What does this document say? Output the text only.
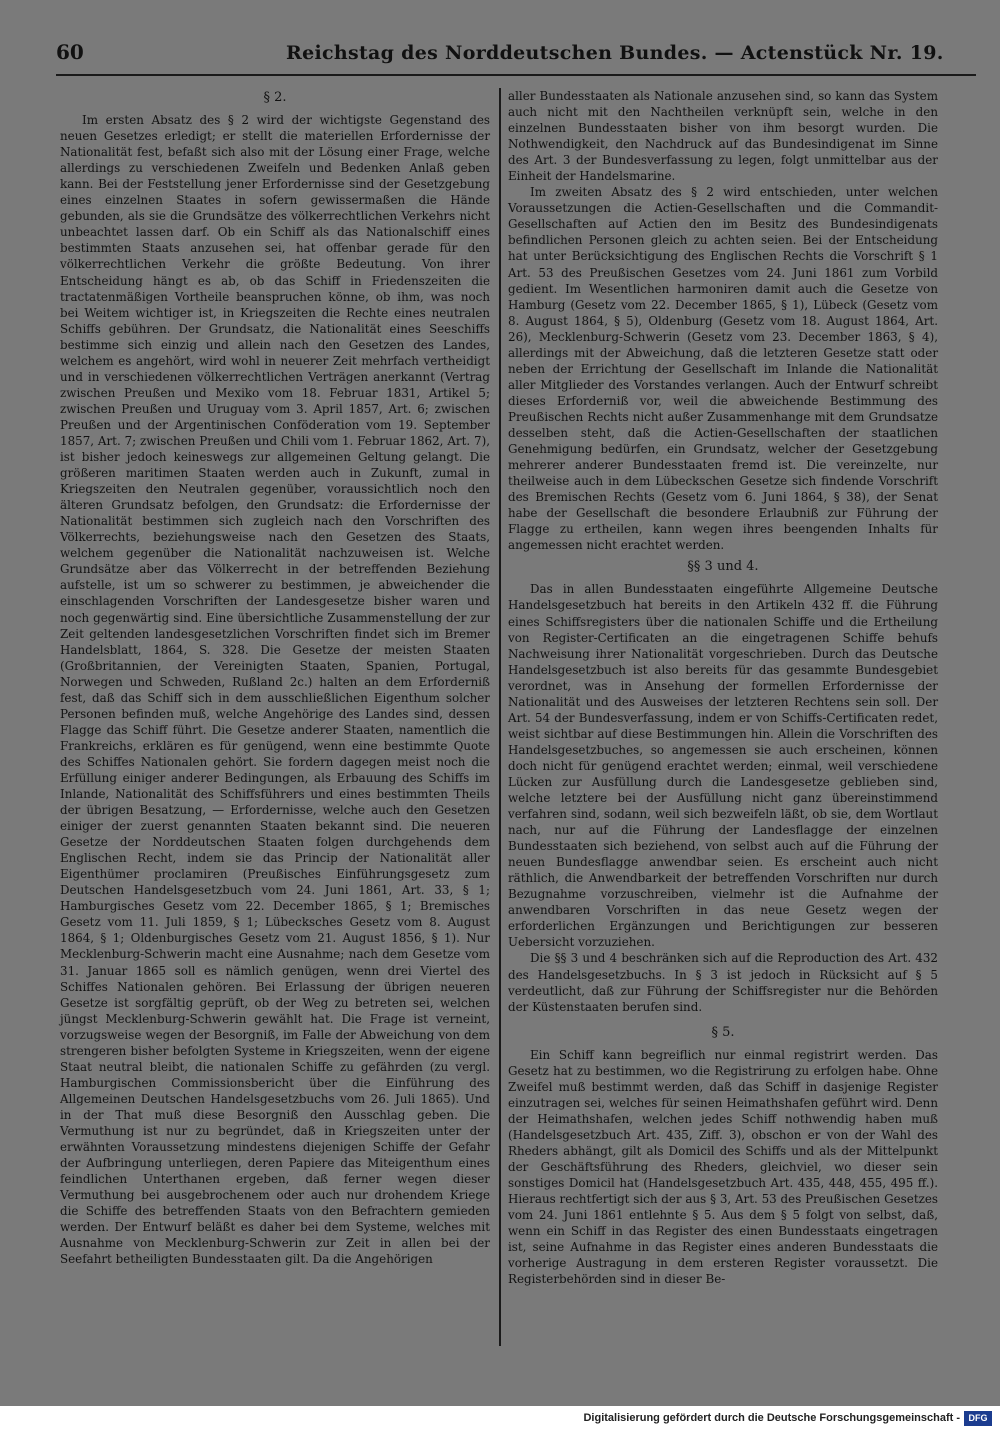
60	Reichstag des Norddeutschen Bundes. — Actenstück Nr. 19.
§ 2.

Im ersten Absatz des § 2 wird der wichtigste Gegenstand des neuen Gesetzes erledigt; er stellt die materiellen Erfordernisse der Nationalität fest, befaßt sich also mit der Lösung einer Frage, welche allerdings zu verschiedenen Zweifeln und Bedenken Anlaß geben kann. Bei der Feststellung jener Erfordernisse sind der Gesetzgebung eines einzelnen Staates in sofern gewissermaßen die Hände gebunden, als sie die Grundsätze des völkerrechtlichen Verkehrs nicht unbeachtet lassen darf. Ob ein Schiff als das Nationalschiff eines bestimmten Staats anzusehen sei, hat offenbar gerade für den völkerrechtlichen Verkehr die größte Bedeutung. Von ihrer Entscheidung hängt es ab, ob das Schiff in Friedenszeiten die tractatenmäßigen Vortheile beanspruchen könne, ob ihm, was noch bei Weitem wichtiger ist, in Kriegszeiten die Rechte eines neutralen Schiffs gebühren. Der Grundsatz, die Nationalität eines Seeschiffs bestimme sich einzig und allein nach den Gesetzen des Landes, welchem es angehört, wird wohl in neuerer Zeit mehrfach vertheidigt und in verschiedenen völkerrechtlichen Verträgen anerkannt (Vertrag zwischen Preußen und Mexiko vom 18. Februar 1831, Artikel 5; zwischen Preußen und Uruguay vom 3. April 1857, Art. 6; zwischen Preußen und der Argentinischen Conföderation vom 19. September 1857, Art. 7; zwischen Preußen und Chili vom 1. Februar 1862, Art. 7), ist bisher jedoch keineswegs zur allgemeinen Geltung gelangt. Die größeren maritimen Staaten werden auch in Zukunft, zumal in Kriegszeiten den Neutralen gegenüber, voraussichtlich noch den älteren Grundsatz befolgen, den Grundsatz: die Erfordernisse der Nationalität bestimmen sich zugleich nach den Vorschriften des Völkerrechts, beziehungsweise nach den Gesetzen des Staats, welchem gegenüber die Nationalität nachzuweisen ist. Welche Grundsätze aber das Völkerrecht in der betreffenden Beziehung aufstelle, ist um so schwerer zu bestimmen, je abweichender die einschlagenden Vorschriften der Landesgesetze bisher waren und noch gegenwärtig sind. Eine übersichtliche Zusammenstellung der zur Zeit geltenden landesgesetzlichen Vorschriften findet sich im Bremer Handelsblatt, 1864, S. 328. Die Gesetze der meisten Staaten (Großbritannien, der Vereinigten Staaten, Spanien, Portugal, Norwegen und Schweden, Rußland 2c.) halten an dem Erforderniß fest, daß das Schiff sich in dem ausschließlichen Eigenthum solcher Personen befinden muß, welche Angehörige des Landes sind, dessen Flagge das Schiff führt. Die Gesetze anderer Staaten, namentlich die Frankreichs, erklären es für genügend, wenn eine bestimmte Quote des Schiffes Nationalen gehört. Sie fordern dagegen meist noch die Erfüllung einiger anderer Bedingungen, als Erbauung des Schiffs im Inlande, Nationalität des Schiffsführers und eines bestimmten Theils der übrigen Besatzung, — Erfordernisse, welche auch den Gesetzen einiger der zuerst genannten Staaten bekannt sind. Die neueren Gesetze der Norddeutschen Staaten folgen durchgehends dem Englischen Recht, indem sie das Princip der Nationalität aller Eigenthümer proclamiren (Preußisches Einführungsgesetz zum Deutschen Handelsgesetzbuch vom 24. Juni 1861, Art. 33, § 1; Hamburgisches Gesetz vom 22. December 1865, § 1; Bremisches Gesetz vom 11. Juli 1859, § 1; Lübecksches Gesetz vom 8. August 1864, § 1; Oldenburgisches Gesetz vom 21. August 1856, § 1). Nur Mecklenburg-Schwerin macht eine Ausnahme; nach dem Gesetze vom 31. Januar 1865 soll es nämlich genügen, wenn drei Viertel des Schiffes Nationalen gehören. Bei Erlassung der übrigen neueren Gesetze ist sorgfältig geprüft, ob der Weg zu betreten sei, welchen jüngst Mecklenburg-Schwerin gewählt hat. Die Frage ist verneint, vorzugsweise wegen der Besorgniß, im Falle der Abweichung von dem strengeren bisher befolgten Systeme in Kriegszeiten, wenn der eigene Staat neutral bleibt, die nationalen Schiffe zu gefährden (zu vergl. Hamburgischen Commissionsbericht über die Einführung des Allgemeinen Deutschen Handelsgesetzbuchs vom 26. Juli 1865). Und in der That muß diese Besorgniß den Ausschlag geben. Die Vermuthung ist nur zu begründet, daß in Kriegszeiten unter der erwähnten Voraussetzung mindestens diejenigen Schiffe der Gefahr der Aufbringung unterliegen, deren Papiere das Miteigenthum eines feindlichen Unterthanen ergeben, daß ferner wegen dieser Vermuthung bei ausgebrochenem oder auch nur drohendem Kriege die Schiffe des betreffenden Staats von den Befrachtern gemieden werden. Der Entwurf beläßt es daher bei dem Systeme, welches mit Ausnahme von Mecklenburg-Schwerin zur Zeit in allen bei der Seefahrt betheiligten Bundesstaaten gilt. Da die Angehörigen

aller Bundesstaaten als Nationale anzusehen sind, so kann das System auch nicht mit den Nachtheilen verknüpft sein, welche in den einzelnen Bundesstaaten bisher von ihm besorgt wurden. Die Nothwendigkeit, den Nachdruck auf das Bundesindigenat im Sinne des Art. 3 der Bundesverfassung zu legen, folgt unmittelbar aus der Einheit der Handelsmarine.

Im zweiten Absatz des § 2 wird entschieden, unter welchen Voraussetzungen die Actien-Gesellschaften und die Commandit-Gesellschaften auf Actien den im Besitz des Bundesindigenats befindlichen Personen gleich zu achten seien. Bei der Entscheidung hat unter Berücksichtigung des Englischen Rechts die Vorschrift § 1 Art. 53 des Preußischen Gesetzes vom 24. Juni 1861 zum Vorbild gedient. Im Wesentlichen harmoniren damit auch die Gesetze von Hamburg (Gesetz vom 22. December 1865, § 1), Lübeck (Gesetz vom 8. August 1864, § 5), Oldenburg (Gesetz vom 18. August 1864, Art. 26), Mecklenburg-Schwerin (Gesetz vom 23. December 1863, § 4), allerdings mit der Abweichung, daß die letzteren Gesetze statt oder neben der Errichtung der Gesellschaft im Inlande die Nationalität aller Mitglieder des Vorstandes verlangen. Auch der Entwurf schreibt dieses Erforderniß vor, weil die abweichende Bestimmung des Preußischen Rechts nicht außer Zusammenhange mit dem Grundsatze desselben steht, daß die Actien-Gesellschaften der staatlichen Genehmigung bedürfen, ein Grundsatz, welcher der Gesetzgebung mehrerer anderer Bundesstaaten fremd ist. Die vereinzelte, nur theilweise auch in dem Lübeckschen Gesetze sich findende Vorschrift des Bremischen Rechts (Gesetz vom 6. Juni 1864, § 38), der Senat habe der Gesellschaft die besondere Erlaubniß zur Führung der Flagge zu ertheilen, kann wegen ihres beengenden Inhalts für angemessen nicht erachtet werden.

§§ 3 und 4.

Das in allen Bundesstaaten eingeführte Allgemeine Deutsche Handelsgesetzbuch hat bereits in den Artikeln 432 ff. die Führung eines Schiffsregisters über die nationalen Schiffe und die Ertheilung von Register-Certificaten an die eingetragenen Schiffe behufs Nachweisung ihrer Nationalität vorgeschrieben. Durch das Deutsche Handelsgesetzbuch ist also bereits für das gesammte Bundesgebiet verordnet, was in Ansehung der formellen Erfordernisse der Nationalität und des Ausweises der letzteren Rechtens sein soll. Der Art. 54 der Bundesverfassung, indem er von Schiffs-Certificaten redet, weist sichtbar auf diese Bestimmungen hin. Allein die Vorschriften des Handelsgesetzbuches, so angemessen sie auch erscheinen, können doch nicht für genügend erachtet werden; einmal, weil verschiedene Lücken zur Ausfüllung durch die Landesgesetze geblieben sind, welche letztere bei der Ausfüllung nicht ganz übereinstimmend verfahren sind, sodann, weil sich bezweifeln läßt, ob sie, dem Wortlaut nach, nur auf die Führung der Landesflagge der einzelnen Bundesstaaten sich beziehend, von selbst auch auf die Führung der neuen Bundesflagge anwendbar seien. Es erscheint auch nicht räthlich, die Anwendbarkeit der betreffenden Vorschriften nur durch Bezugnahme vorzuschreiben, vielmehr ist die Aufnahme der anwendbaren Vorschriften in das neue Gesetz wegen der erforderlichen Ergänzungen und Berichtigungen zur besseren Uebersicht vorzuziehen.

Die §§ 3 und 4 beschränken sich auf die Reproduction des Art. 432 des Handelsgesetzbuchs. In § 3 ist jedoch in Rücksicht auf § 5 verdeutlicht, daß zur Führung der Schiffsregister nur die Behörden der Küstenstaaten berufen sind.

§ 5.

Ein Schiff kann begreiflich nur einmal registrirt werden. Das Gesetz hat zu bestimmen, wo die Registrirung zu erfolgen habe. Ohne Zweifel muß bestimmt werden, daß das Schiff in dasjenige Register einzutragen sei, welches für seinen Heimathshafen geführt wird. Denn der Heimathshafen, welchen jedes Schiff nothwendig haben muß (Handelsgesetzbuch Art. 435, Ziff. 3), obschon er von der Wahl des Rheders abhängt, gilt als Domicil des Schiffs und als der Mittelpunkt der Geschäftsführung des Rheders, gleichviel, wo dieser sein sonstiges Domicil hat (Handelsgesetzbuch Art. 435, 448, 455, 495 ff.). Hieraus rechtfertigt sich der aus § 3, Art. 53 des Preußischen Gesetzes vom 24. Juni 1861 entlehnte § 5. Aus dem § 5 folgt von selbst, daß, wenn ein Schiff in das Register des einen Bundesstaats eingetragen ist, seine Aufnahme in das Register eines anderen Bundesstaats die vorherige Austragung in dem ersteren Register voraussetzt. Die Registerbehörden sind in dieser Be-

Digitalisierung gefördert durch die Deutsche Forschungsgemeinschaft - DFG
